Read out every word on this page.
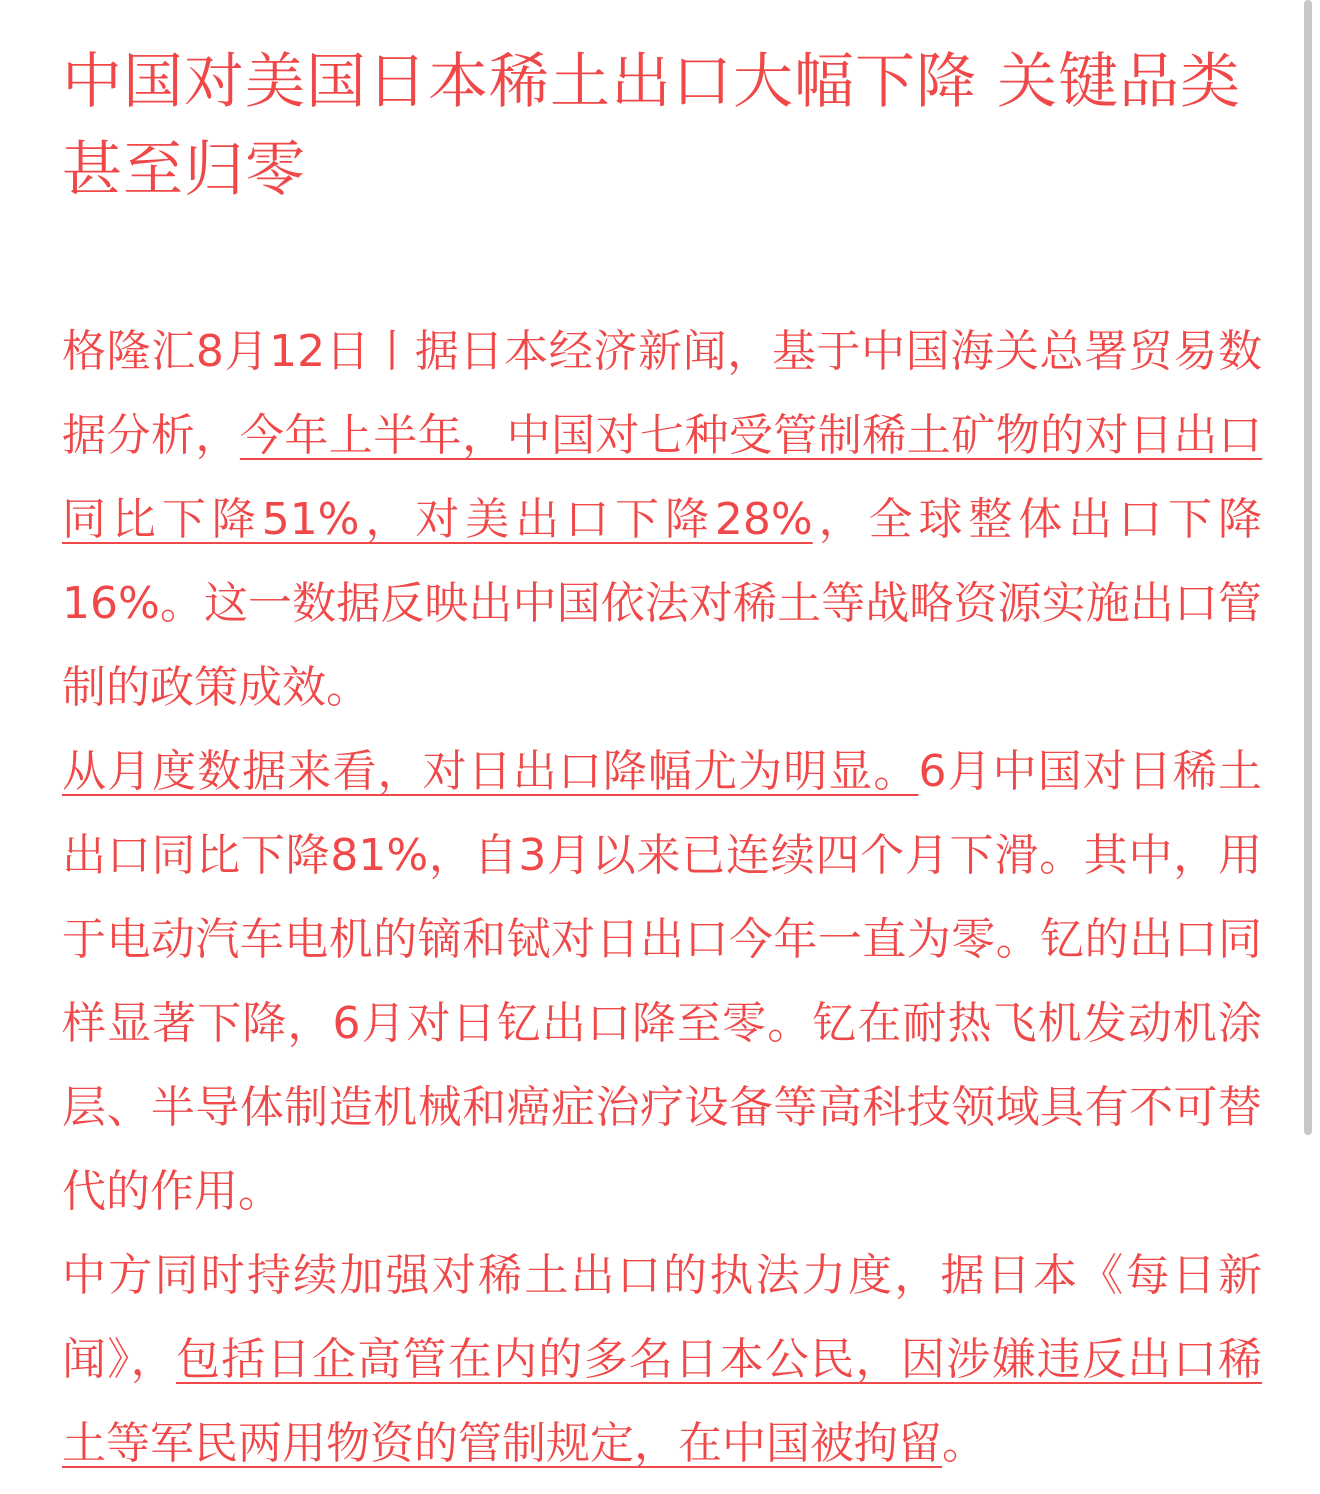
中国对美国日本稀土出口大幅下降 关键品类甚至归零

格隆汇8月12日丨据日本经济新闻，基于中国海关总署贸易数据分析，今年上半年，中国对七种受管制稀土矿物的对日出口同比下降51%，对美出口下降28%，全球整体出口下降16%。这一数据反映出中国依法对稀土等战略资源实施出口管制的政策成效。

从月度数据来看，对日出口降幅尤为明显。6月中国对日稀土出口同比下降81%，自3月以来已连续四个月下滑。其中，用于电动汽车电机的镝和铽对日出口今年一直为零。钇的出口同样显著下降，6月对日钇出口降至零。钇在耐热飞机发动机涂层、半导体制造机械和癌症治疗设备等高科技领域具有不可替代的作用。

中方同时持续加强对稀土出口的执法力度，据日本《每日新闻》，包括日企高管在内的多名日本公民，因涉嫌违反出口稀土等军民两用物资的管制规定，在中国被拘留。
